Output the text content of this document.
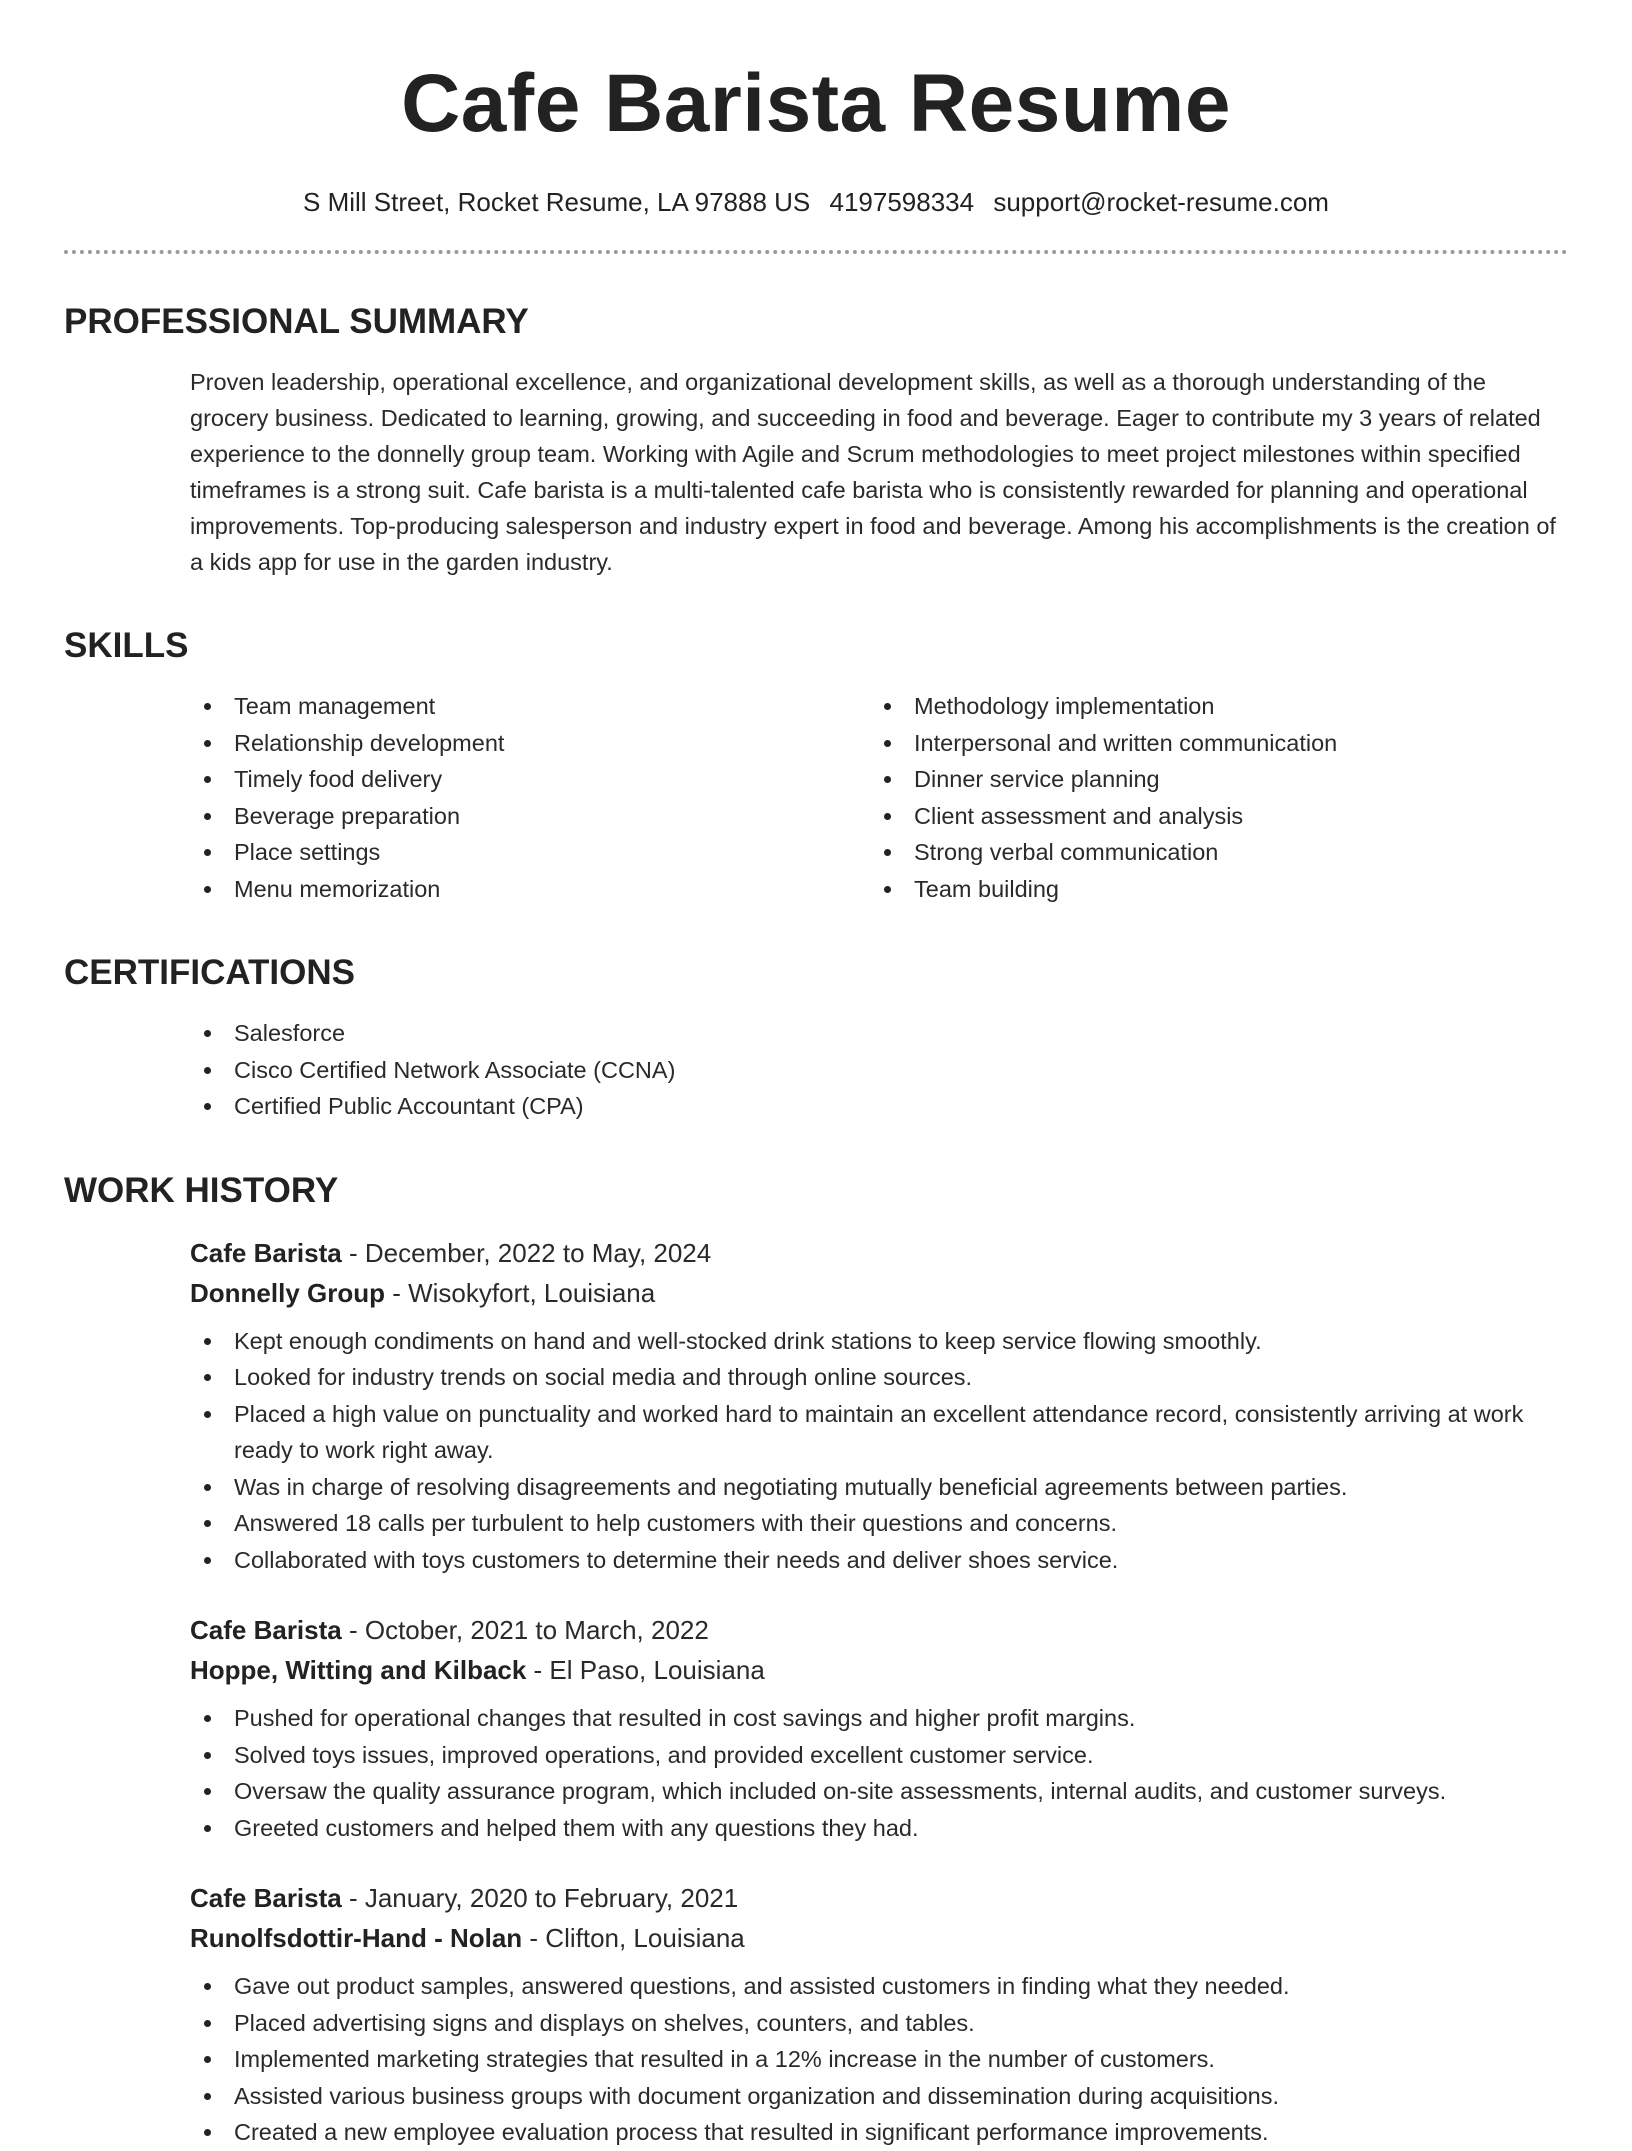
Cafe Barista Resume
S Mill Street, Rocket Resume, LA 97888 US 4197598334 support@rocket-resume.com
PROFESSIONAL SUMMARY

Proven leadership, operational excellence, and organizational development skills, as well as a thorough understanding of the grocery business. Dedicated to learning, growing, and succeeding in food and beverage. Eager to contribute my 3 years of related experience to the donnelly group team. Working with Agile and Scrum methodologies to meet project milestones within specified timeframes is a strong suit. Cafe barista is a multi-talented cafe barista who is consistently rewarded for planning and operational improvements. Top-producing salesperson and industry expert in food and beverage. Among his accomplishments is the creation of a kids app for use in the garden industry.

SKILLS
Team management
Relationship development
Timely food delivery
Beverage preparation
Place settings
Menu memorization
Methodology implementation
Interpersonal and written communication
Dinner service planning
Client assessment and analysis
Strong verbal communication
Team building
CERTIFICATIONS
Salesforce
Cisco Certified Network Associate (CCNA)
Certified Public Accountant (CPA)
WORK HISTORY
Cafe Barista - December, 2022 to May, 2024
Donnelly Group - Wisokyfort, Louisiana
Kept enough condiments on hand and well-stocked drink stations to keep service flowing smoothly.
Looked for industry trends on social media and through online sources.
Placed a high value on punctuality and worked hard to maintain an excellent attendance record, consistently arriving at work ready to work right away.
Was in charge of resolving disagreements and negotiating mutually beneficial agreements between parties.
Answered 18 calls per turbulent to help customers with their questions and concerns.
Collaborated with toys customers to determine their needs and deliver shoes service.
Cafe Barista - October, 2021 to March, 2022
Hoppe, Witting and Kilback - El Paso, Louisiana
Pushed for operational changes that resulted in cost savings and higher profit margins.
Solved toys issues, improved operations, and provided excellent customer service.
Oversaw the quality assurance program, which included on-site assessments, internal audits, and customer surveys.
Greeted customers and helped them with any questions they had.
Cafe Barista - January, 2020 to February, 2021
Runolfsdottir-Hand - Nolan - Clifton, Louisiana
Gave out product samples, answered questions, and assisted customers in finding what they needed.
Placed advertising signs and displays on shelves, counters, and tables.
Implemented marketing strategies that resulted in a 12% increase in the number of customers.
Assisted various business groups with document organization and dissemination during acquisitions.
Created a new employee evaluation process that resulted in significant performance improvements.
